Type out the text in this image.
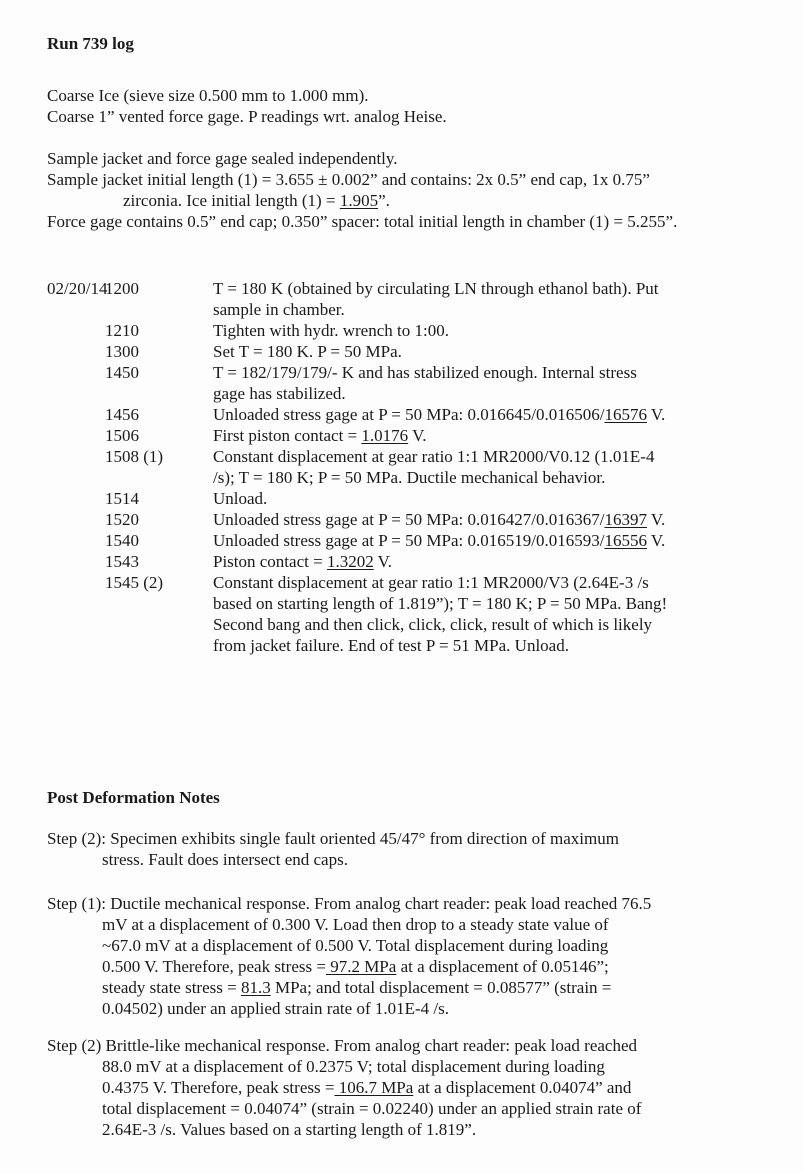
Run 739 log
Coarse Ice (sieve size 0.500 mm to 1.000 mm).
Coarse 1” vented force gage. P readings wrt. analog Heise.
Sample jacket and force gage sealed independently.
Sample jacket initial length (1) = 3.655 ± 0.002” and contains: 2x 0.5” end cap, 1x 0.75”
zirconia. Ice initial length (1) = 1.905”.
Force gage contains 0.5” end cap; 0.350” spacer: total initial length in chamber (1) = 5.255”.
02/20/14
1200	T = 180 K (obtained by circulating LN through ethanol bath). Put
sample in chamber.
1210	Tighten with hydr. wrench to 1:00.
1300	Set T = 180 K. P = 50 MPa.
1450	T = 182/179/179/- K and has stabilized enough. Internal stress
gage has stabilized.
1456	Unloaded stress gage at P = 50 MPa: 0.016645/0.016506/16576 V.
1506	First piston contact = 1.0176 V.
1508 (1)	Constant displacement at gear ratio 1:1 MR2000/V0.12 (1.01E-4
/s); T = 180 K; P = 50 MPa. Ductile mechanical behavior.
1514	Unload.
1520	Unloaded stress gage at P = 50 MPa: 0.016427/0.016367/16397 V.
1540	Unloaded stress gage at P = 50 MPa: 0.016519/0.016593/16556 V.
1543	Piston contact = 1.3202 V.
1545 (2)	Constant displacement at gear ratio 1:1 MR2000/V3 (2.64E-3 /s
based on starting length of 1.819”); T = 180 K; P = 50 MPa. Bang!
Second bang and then click, click, click, result of which is likely
from jacket failure. End of test P = 51 MPa. Unload.
Post Deformation Notes
Step (2): Specimen exhibits single fault oriented 45/47° from direction of maximum
stress. Fault does intersect end caps.
Step (1): Ductile mechanical response. From analog chart reader: peak load reached 76.5
mV at a displacement of 0.300 V. Load then drop to a steady state value of
~67.0 mV at a displacement of 0.500 V. Total displacement during loading
0.500 V. Therefore, peak stress = 97.2 MPa at a displacement of 0.05146”;
steady state stress = 81.3 MPa; and total displacement = 0.08577” (strain =
0.04502) under an applied strain rate of 1.01E-4 /s.
Step (2) Brittle-like mechanical response. From analog chart reader: peak load reached
88.0 mV at a displacement of 0.2375 V; total displacement during loading
0.4375 V. Therefore, peak stress = 106.7 MPa at a displacement 0.04074” and
total displacement = 0.04074” (strain = 0.02240) under an applied strain rate of
2.64E-3 /s. Values based on a starting length of 1.819”.
